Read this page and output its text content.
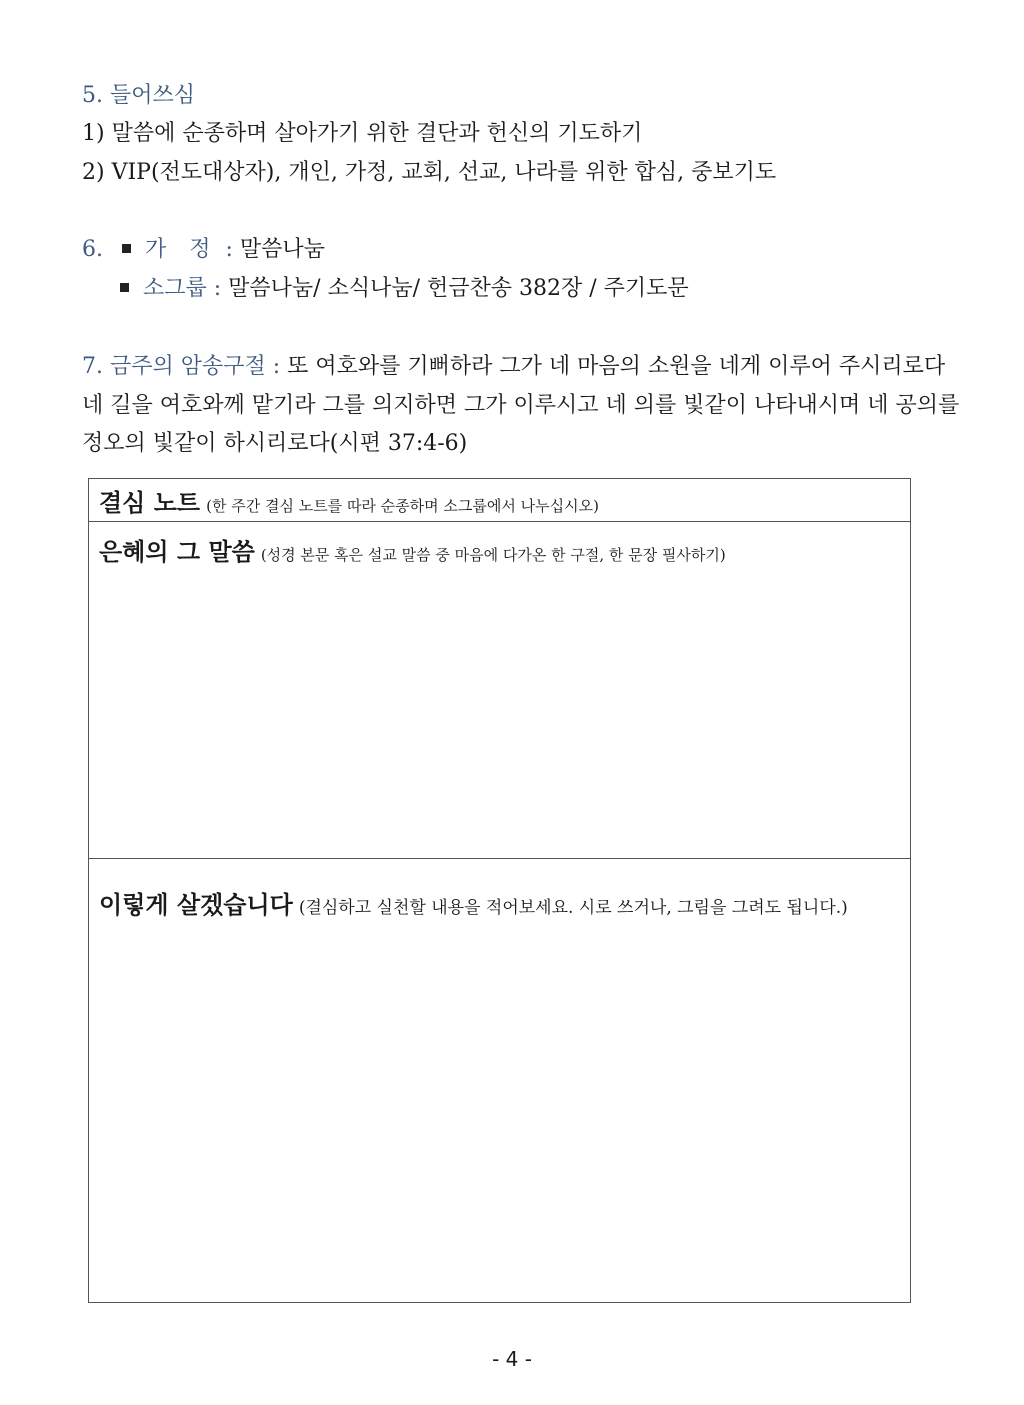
5. 들어쓰심
1) 말씀에 순종하며 살아가기 위한 결단과 헌신의 기도하기
2) VIP(전도대상자), 개인, 가정, 교회, 선교, 나라를 위한 합심, 중보기도
6. 가 정 : 말씀나눔
소그룹 : 말씀나눔/ 소식나눔/ 헌금찬송 382장 / 주기도문
7. 금주의 암송구절 : 또 여호와를 기뻐하라 그가 네 마음의 소원을 네게 이루어 주시리로다
네 길을 여호와께 맡기라 그를 의지하면 그가 이루시고 네 의를 빛같이 나타내시며 네 공의를
정오의 빛같이 하시리로다(시편 37:4-6)
결심 노트 (한 주간 결심 노트를 따라 순종하며 소그룹에서 나누십시오)
은혜의 그 말씀 (성경 본문 혹은 설교 말씀 중 마음에 다가온 한 구절, 한 문장 필사하기)
이렇게 살겠습니다 (결심하고 실천할 내용을 적어보세요. 시로 쓰거나, 그림을 그려도 됩니다.)
- 4 -
